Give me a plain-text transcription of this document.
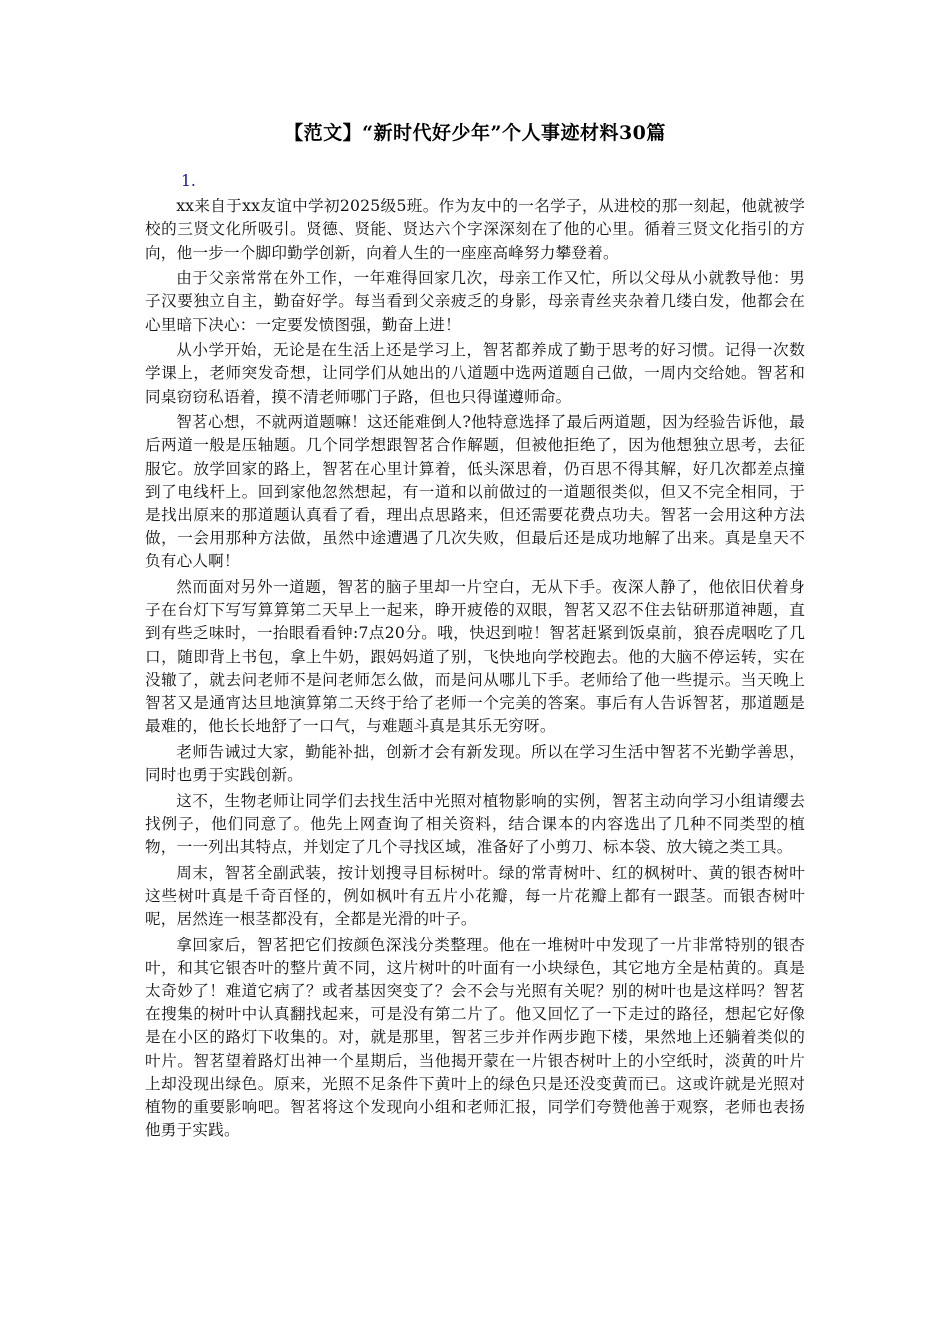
【范文】“新时代好少年”个人事迹材料30篇
1.

xx来自于xx友谊中学初2025级5班。作为友中的一名学子，从进校的那一刻起，他就被学校的三贤文化所吸引。贤德、贤能、贤达六个字深深刻在了他的心里。循着三贤文化指引的方向，他一步一个脚印勤学创新，向着人生的一座座高峰努力攀登着。

由于父亲常常在外工作，一年难得回家几次，母亲工作又忙，所以父母从小就教导他：男子汉要独立自主，勤奋好学。每当看到父亲疲乏的身影，母亲青丝夹杂着几缕白发，他都会在心里暗下决心：一定要发愤图强，勤奋上进！

从小学开始，无论是在生活上还是学习上，智茗都养成了勤于思考的好习惯。记得一次数学课上，老师突发奇想，让同学们从她出的八道题中选两道题自己做，一周内交给她。智茗和同桌窃窃私语着，摸不清老师哪门子路，但也只得谨遵师命。

智茗心想，不就两道题嘛！这还能难倒人?他特意选择了最后两道题，因为经验告诉他，最后两道一般是压轴题。几个同学想跟智茗合作解题，但被他拒绝了，因为他想独立思考，去征服它。放学回家的路上，智茗在心里计算着，低头深思着，仍百思不得其解，好几次都差点撞到了电线杆上。回到家他忽然想起，有一道和以前做过的一道题很类似，但又不完全相同，于是找出原来的那道题认真看了看，理出点思路来，但还需要花费点功夫。智茗一会用这种方法做，一会用那种方法做，虽然中途遭遇了几次失败，但最后还是成功地解了出来。真是皇天不负有心人啊！

然而面对另外一道题，智茗的脑子里却一片空白，无从下手。夜深人静了，他依旧伏着身子在台灯下写写算算第二天早上一起来，睁开疲倦的双眼，智茗又忍不住去钻研那道神题，直到有些乏味时，一抬眼看看钟:7点20分。哦，快迟到啦！智茗赶紧到饭桌前，狼吞虎咽吃了几口，随即背上书包，拿上牛奶，跟妈妈道了别，飞快地向学校跑去。他的大脑不停运转，实在没辙了，就去问老师不是问老师怎么做，而是问从哪儿下手。老师给了他一些提示。当天晚上智茗又是通宵达旦地演算第二天终于给了老师一个完美的答案。事后有人告诉智茗，那道题是最难的，他长长地舒了一口气，与难题斗真是其乐无穷呀。

老师告诫过大家，勤能补拙，创新才会有新发现。所以在学习生活中智茗不光勤学善思，同时也勇于实践创新。

这不，生物老师让同学们去找生活中光照对植物影响的实例，智茗主动向学习小组请缨去找例子，他们同意了。他先上网查询了相关资料，结合课本的内容选出了几种不同类型的植物，一一列出其特点，并划定了几个寻找区域，准备好了小剪刀、标本袋、放大镜之类工具。

周末，智茗全副武装，按计划搜寻目标树叶。绿的常青树叶、红的枫树叶、黄的银杏树叶这些树叶真是千奇百怪的，例如枫叶有五片小花瓣，每一片花瓣上都有一跟茎。而银杏树叶呢，居然连一根茎都没有，全都是光滑的叶子。

拿回家后，智茗把它们按颜色深浅分类整理。他在一堆树叶中发现了一片非常特别的银杏叶，和其它银杏叶的整片黄不同，这片树叶的叶面有一小块绿色，其它地方全是枯黄的。真是太奇妙了！难道它病了？或者基因突变了？会不会与光照有关呢？别的树叶也是这样吗？智茗在搜集的树叶中认真翻找起来，可是没有第二片了。他又回忆了一下走过的路径，想起它好像是在小区的路灯下收集的。对，就是那里，智茗三步并作两步跑下楼，果然地上还躺着类似的叶片。智茗望着路灯出神一个星期后，当他揭开蒙在一片银杏树叶上的小空纸时，淡黄的叶片上却没现出绿色。原来，光照不足条件下黄叶上的绿色只是还没变黄而已。这或许就是光照对植物的重要影响吧。智茗将这个发现向小组和老师汇报，同学们夸赞他善于观察，老师也表扬他勇于实践。
